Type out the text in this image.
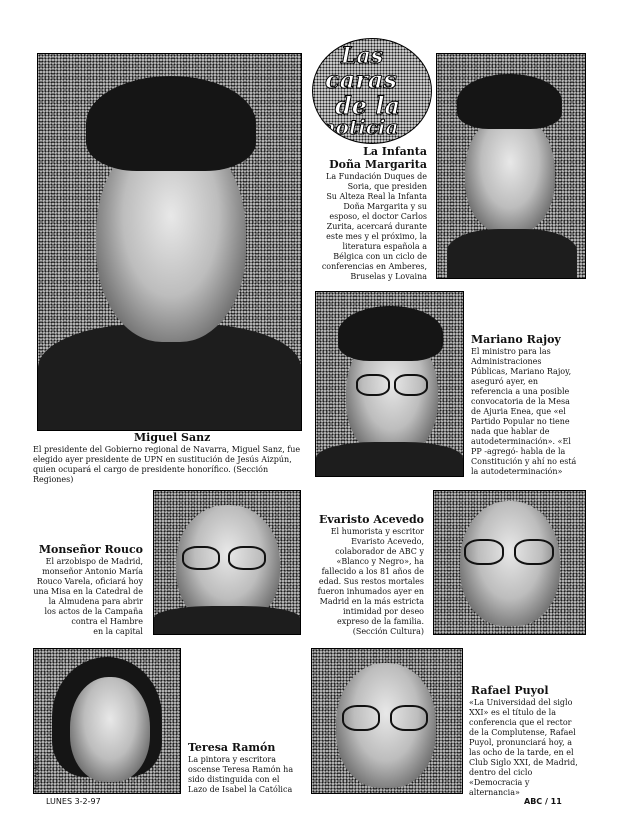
Las
caras
de la
noticia
Miguel Sanz
El presidente del Gobierno regional de Navarra, Miguel Sanz, fue
elegido ayer presidente de UPN en sustitución de Jesús Aizpún,
quien ocupará el cargo de presidente honorífico. (Sección Regiones)
La Infanta
Doña Margarita
La Fundación Duques de
Soria, que presiden
Su Alteza Real la Infanta
Doña Margarita y su
esposo, el doctor Carlos
Zurita, acercará durante
este mes y el próximo, la
literatura española a
Bélgica con un ciclo de
conferencias en Amberes,
Bruselas y Lovaina
Mariano Rajoy
El ministro para las
Administraciones
Públicas, Mariano Rajoy,
aseguró ayer, en
referencia a una posible
convocatoria de la Mesa
de Ajuria Enea, que «el
Partido Popular no tiene
nada que hablar de
autodeterminación». «El
PP -agregó- habla de la
Constitución y ahí no está
la autodeterminación»
Monseñor Rouco
El arzobispo de Madrid,
monseñor Antonio María
Rouco Varela, oficiará hoy
una Misa en la Catedral de
la Almudena para abrir
los actos de la Campaña
contra el Hambre
en la capital
Evaristo Acevedo
El humorista y escritor
Evaristo Acevedo,
colaborador de ABC y
«Blanco y Negro», ha
fallecido a los 81 años de
edad. Sus restos mortales
fueron inhumados ayer en
Madrid en la más estricta
intimidad por deseo
expreso de la familia.
(Sección Cultura)
Foto: V. Alfaro
Teresa Ramón
La pintora y escritora
oscense Teresa Ramón ha
sido distinguida con el
Lazo de Isabel la Católica
Rafael Puyol
«La Universidad del siglo
XXI» es el título de la
conferencia que el rector
de la Complutense, Rafael
Puyol, pronunciará hoy, a
las ocho de la tarde, en el
Club Siglo XXI, de Madrid,
dentro del ciclo
«Democracia y
alternancia»
LUNES 3-2-97	ABC / 11
